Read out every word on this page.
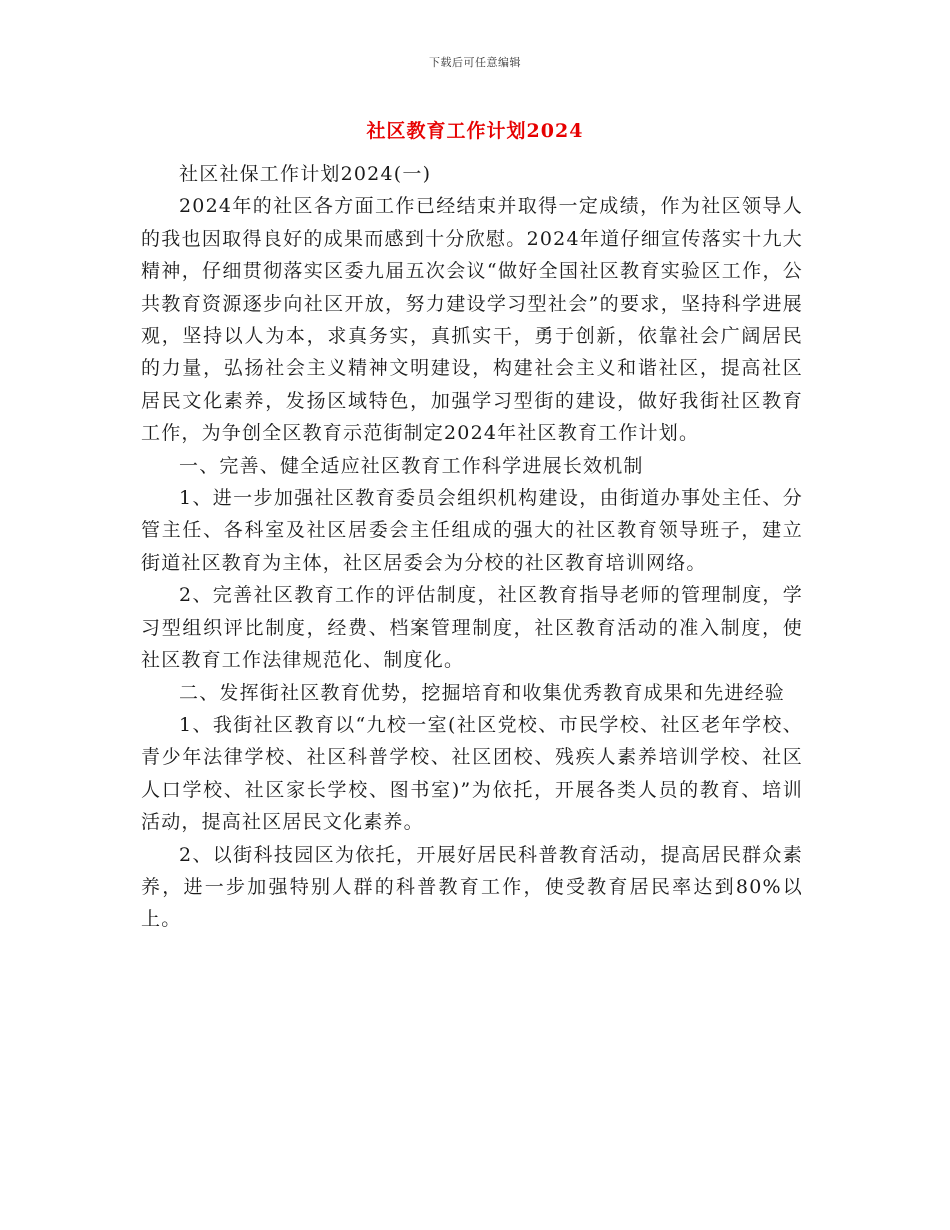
下载后可任意编辑
社区教育工作计划2024

社区社保工作计划2024(一)

2024年的社区各方面工作已经结束并取得一定成绩，作为社区领导人的我也因取得良好的成果而感到十分欣慰。2024年道仔细宣传落实十九大精神，仔细贯彻落实区委九届五次会议“做好全国社区教育实验区工作，公共教育资源逐步向社区开放，努力建设学习型社会”的要求，坚持科学进展观，坚持以人为本，求真务实，真抓实干，勇于创新，依靠社会广阔居民的力量，弘扬社会主义精神文明建设，构建社会主义和谐社区，提高社区居民文化素养，发扬区域特色，加强学习型街的建设，做好我街社区教育工作，为争创全区教育示范街制定2024年社区教育工作计划。

一、完善、健全适应社区教育工作科学进展长效机制

1、进一步加强社区教育委员会组织机构建设，由街道办事处主任、分管主任、各科室及社区居委会主任组成的强大的社区教育领导班子，建立街道社区教育为主体，社区居委会为分校的社区教育培训网络。

2、完善社区教育工作的评估制度，社区教育指导老师的管理制度，学习型组织评比制度，经费、档案管理制度，社区教育活动的准入制度，使社区教育工作法律规范化、制度化。

二、发挥街社区教育优势，挖掘培育和收集优秀教育成果和先进经验

1、我街社区教育以“九校一室(社区党校、市民学校、社区老年学校、青少年法律学校、社区科普学校、社区团校、残疾人素养培训学校、社区人口学校、社区家长学校、图书室)”为依托，开展各类人员的教育、培训活动，提高社区居民文化素养。

2、以街科技园区为依托，开展好居民科普教育活动，提高居民群众素养，进一步加强特别人群的科普教育工作，使受教育居民率达到80%以上。
